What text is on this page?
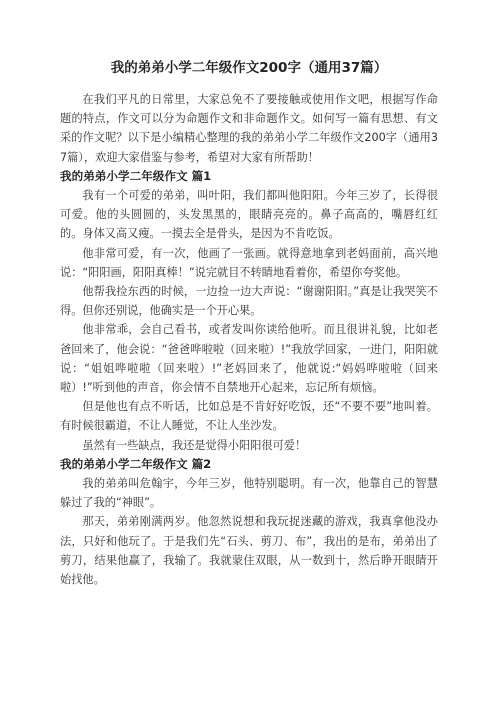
我的弟弟小学二年级作文200字（通用37篇）

在我们平凡的日常里，大家总免不了要接触或使用作文吧，根据写作命题的特点，作文可以分为命题作文和非命题作文。如何写一篇有思想、有文采的作文呢？以下是小编精心整理的我的弟弟小学二年级作文200字（通用37篇），欢迎大家借鉴与参考，希望对大家有所帮助！

我的弟弟小学二年级作文 篇1

我有一个可爱的弟弟，叫叶阳，我们都叫他阳阳。今年三岁了，长得很可爱。他的头圆圆的，头发黑黑的，眼睛亮亮的。鼻子高高的，嘴唇红红的。身体又高又瘦。一摸去全是骨头，是因为不肯吃饭。

他非常可爱，有一次，他画了一张画。就得意地拿到老妈面前，高兴地说：“阳阳画，阳阳真棒！”说完就目不转睛地看着你，希望你夸奖他。

他帮我捡东西的时候，一边捡一边大声说：“谢谢阳阳。”真是让我哭笑不得。但你还别说，他确实是一个开心果。

他非常乖，会自己看书，或者发叫你读给他听。而且很讲礼貌，比如老爸回来了，他会说：“爸爸哗啦啦（回来啦）!”我放学回家，一进门，阳阳就说：“姐姐哗啦啦（回来啦）!”老妈回来了，他就说:“妈妈哗啦啦（回来啦）!”听到他的声音，你会情不自禁地开心起来，忘记所有烦恼。

但是他也有点不听话，比如总是不肯好好吃饭，还“不要不要”地叫着。有时候很霸道，不让人睡觉，不让人坐沙发。

虽然有一些缺点，我还是觉得小阳阳很可爱！

我的弟弟小学二年级作文 篇2

我的弟弟叫危翰宇，今年三岁，他特别聪明。有一次，他靠自己的智慧躲过了我的“神眼”。

那天，弟弟刚满两岁。他忽然说想和我玩捉迷藏的游戏，我真拿他没办法，只好和他玩了。于是我们先“石头、剪刀、布”，我出的是布，弟弟出了剪刀，结果他赢了，我输了。我就蒙住双眼，从一数到十，然后睁开眼睛开始找他。
